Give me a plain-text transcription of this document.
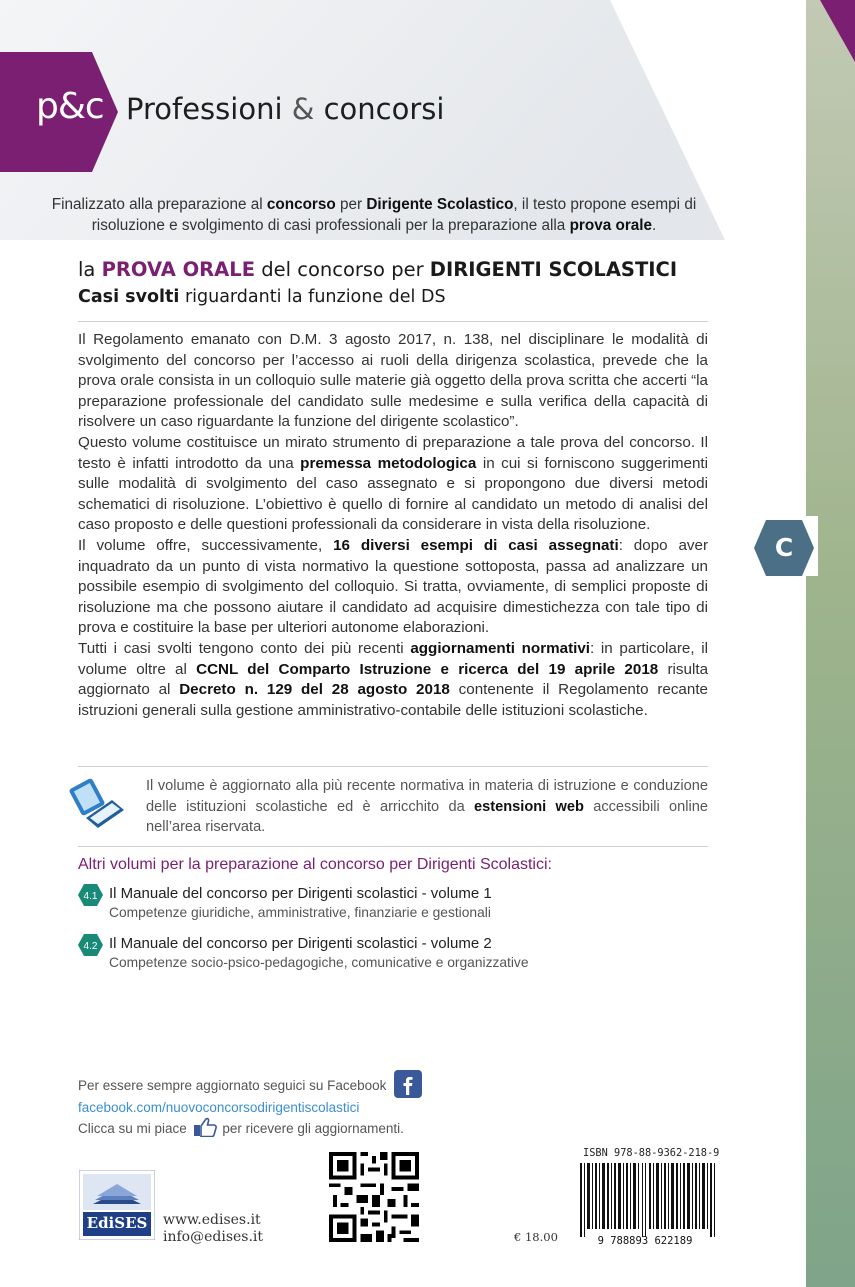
p&c Professioni & concorsi
C
Finalizzato alla preparazione al concorso per Dirigente Scolastico, il testo propone esempi di risoluzione e svolgimento di casi professionali per la preparazione alla prova orale.
la PROVA ORALE del concorso per DIRIGENTI SCOLASTICI
Casi svolti riguardanti la funzione del DS

Il Regolamento emanato con D.M. 3 agosto 2017, n. 138, nel disciplinare le modalità di svolgimento del concorso per l’accesso ai ruoli della dirigenza scolastica, prevede che la prova orale consista in un colloquio sulle materie già oggetto della prova scritta che accerti “la preparazione professionale del candidato sulle medesime e sulla verifica della capacità di risolvere un caso riguardante la funzione del dirigente scolastico”.

Questo volume costituisce un mirato strumento di preparazione a tale prova del concorso. Il testo è infatti introdotto da una premessa metodologica in cui si forniscono suggerimenti sulle modalità di svolgimento del caso assegnato e si propongono due diversi metodi schematici di risoluzione. L’obiettivo è quello di fornire al candidato un metodo di analisi del caso proposto e delle questioni professionali da considerare in vista della risoluzione.

Il volume offre, successivamente, 16 diversi esempi di casi assegnati: dopo aver inquadrato da un punto di vista normativo la questione sottoposta, passa ad analizzare un possibile esempio di svolgimento del colloquio. Si tratta, ovviamente, di semplici proposte di risoluzione ma che possono aiutare il candidato ad acquisire dimestichezza con tale tipo di prova e costituire la base per ulteriori autonome elaborazioni.

Tutti i casi svolti tengono conto dei più recenti aggiornamenti normativi: in particolare, il volume oltre al CCNL del Comparto Istruzione e ricerca del 19 aprile 2018 risulta aggiornato al Decreto n. 129 del 28 agosto 2018 contenente il Regolamento recante istruzioni generali sulla gestione amministrativo-contabile delle istituzioni scolastiche.

Il volume è aggiornato alla più recente normativa in materia di istruzione e conduzione delle istituzioni scolastiche ed è arricchito da estensioni web accessibili online nell’area riservata.
Altri volumi per la preparazione al concorso per Dirigenti Scolastici:
4.1 Il Manuale del concorso per Dirigenti scolastici - volume 1
Competenze giuridiche, amministrative, finanziarie e gestionali
4.2 Il Manuale del concorso per Dirigenti scolastici - volume 2
Competenze socio-psico-pedagogiche, comunicative e organizzative
Per essere sempre aggiornato seguici su Facebook
facebook.com/nuovoconcorsodirigentiscolastici
Clicca su mi piace	per ricevere gli aggiornamenti.
EdiSES	www.edises.it
info@edises.it	€ 18.00	9 788893 622189
ISBN 978-88-9362-218-9
